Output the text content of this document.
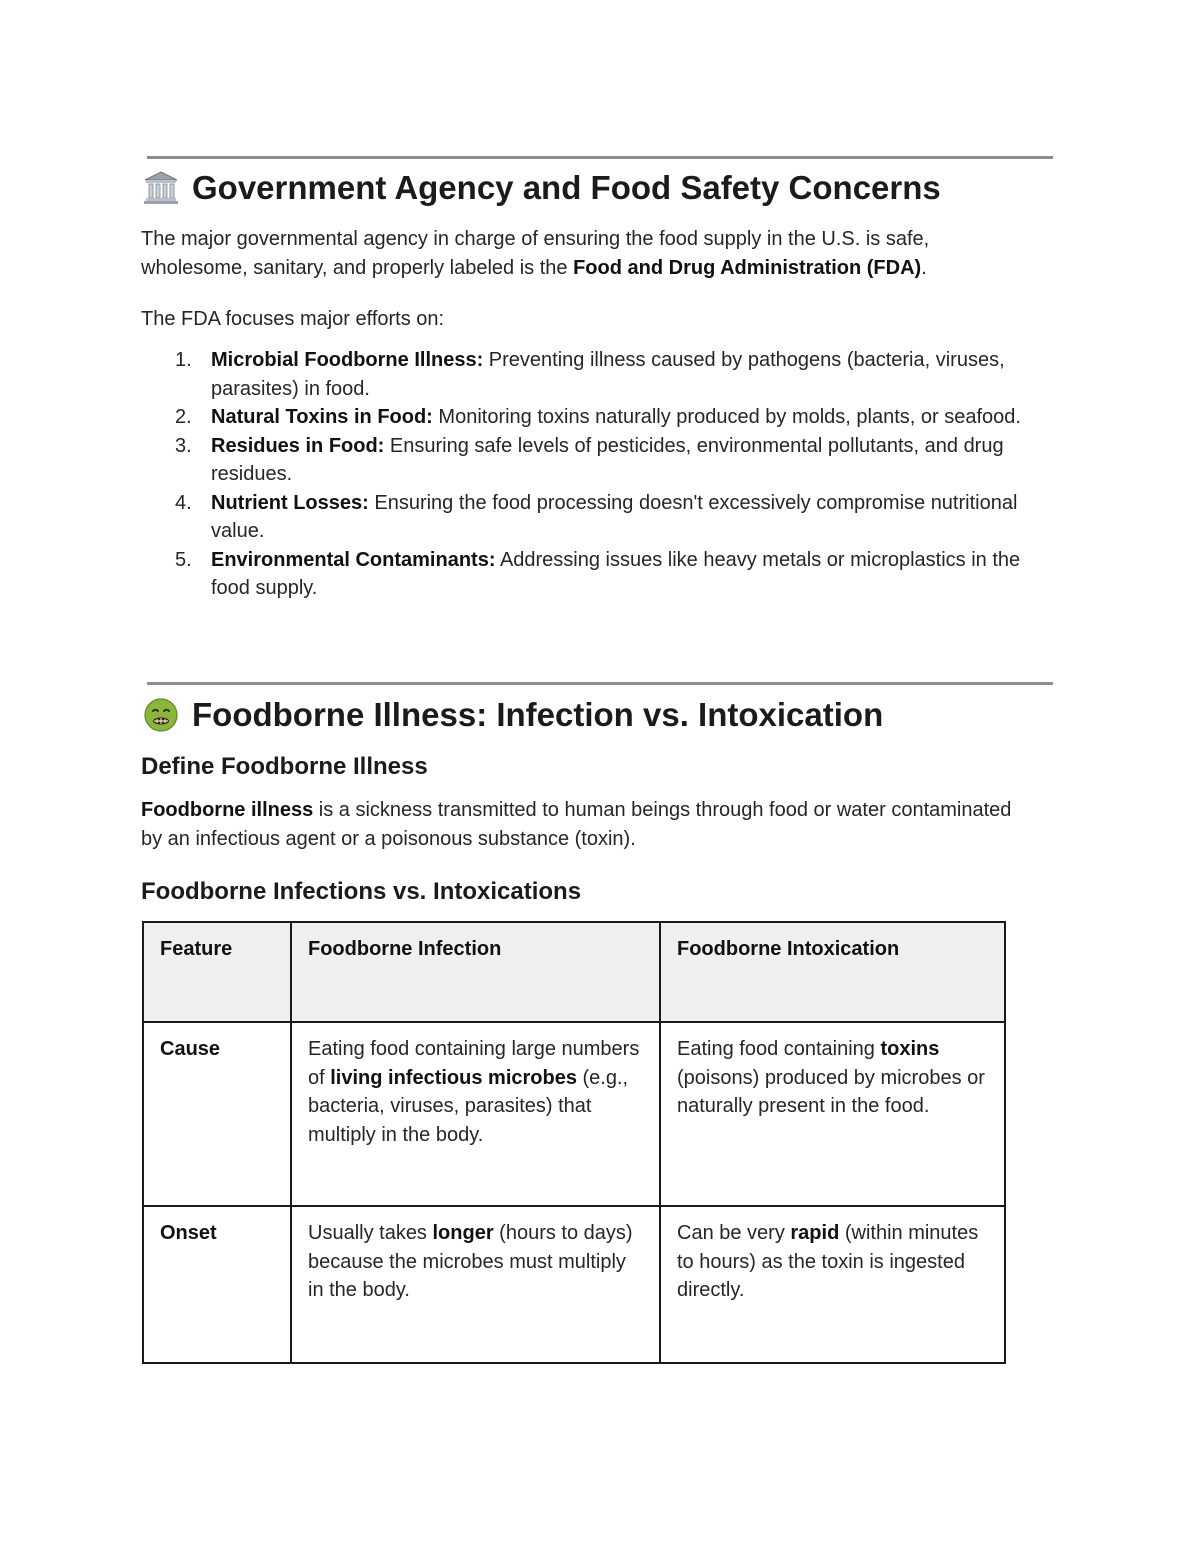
Government Agency and Food Safety Concerns

The major governmental agency in charge of ensuring the food supply in the U.S. is safe, wholesome, sanitary, and properly labeled is the Food and Drug Administration (FDA).

The FDA focuses major efforts on:

1. Microbial Foodborne Illness: Preventing illness caused by pathogens (bacteria, viruses, parasites) in food.
2. Natural Toxins in Food: Monitoring toxins naturally produced by molds, plants, or seafood.
3. Residues in Food: Ensuring safe levels of pesticides, environmental pollutants, and drug residues.
4. Nutrient Losses: Ensuring the food processing doesn't excessively compromise nutritional value.
5. Environmental Contaminants: Addressing issues like heavy metals or microplastics in the food supply.
Foodborne Illness: Infection vs. Intoxication
Define Foodborne Illness

Foodborne illness is a sickness transmitted to human beings through food or water contaminated by an infectious agent or a poisonous substance (toxin).

Foodborne Infections vs. Intoxications
Feature	Foodborne Infection	Foodborne Intoxication
Cause	Eating food containing large numbers of living infectious microbes (e.g., bacteria, viruses, parasites) that multiply in the body.	Eating food containing toxins (poisons) produced by microbes or naturally present in the food.
Onset	Usually takes longer (hours to days) because the microbes must multiply in the body.	Can be very rapid (within minutes to hours) as the toxin is ingested directly.
